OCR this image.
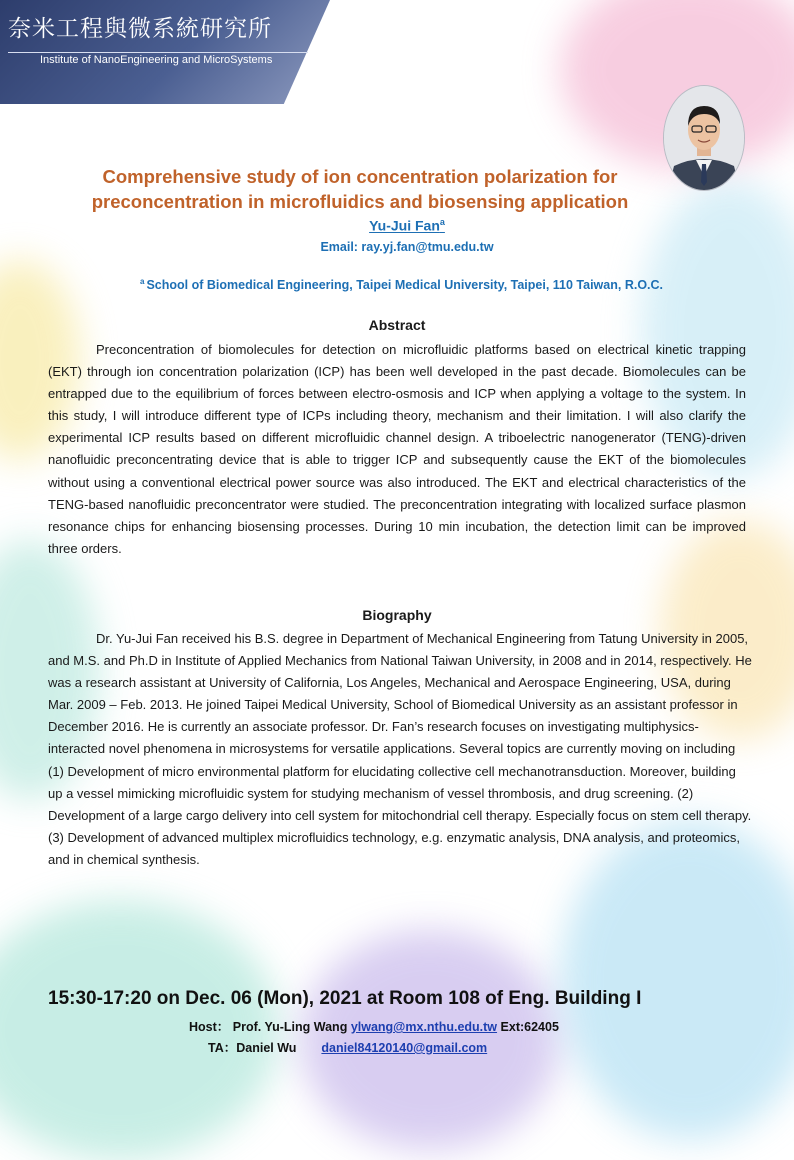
奈米工程與微系統研究所
Institute of NanoEngineering and MicroSystems
Comprehensive study of ion concentration polarization for
preconcentration in microfluidics and biosensing application
Yu-Jui Fan$^a$
Email: ray.yj.fan@tmu.edu.tw
$^a$ School of Biomedical Engineering, Taipei Medical University, Taipei, 110 Taiwan, R.O.C.
Abstract

Preconcentration of biomolecules for detection on microfluidic platforms based on electrical kinetic trapping (EKT) through ion concentration polarization (ICP) has been well developed in the past decade. Biomolecules can be entrapped due to the equilibrium of forces between electro-osmosis and ICP when applying a voltage to the system. In this study, I will introduce different type of ICPs including theory, mechanism and their limitation. I will also clarify the experimental ICP results based on different microfluidic channel design. A triboelectric nanogenerator (TENG)-driven nanofluidic preconcentrating device that is able to trigger ICP and subsequently cause the EKT of the biomolecules without using a conventional electrical power source was also introduced. The EKT and electrical characteristics of the TENG-based nanofluidic preconcentrator were studied. The preconcentration integrating with localized surface plasmon resonance chips for enhancing biosensing processes. During 10 min incubation, the detection limit can be improved three orders.

Biography

Dr. Yu-Jui Fan received his B.S. degree in Department of Mechanical Engineering from Tatung University in 2005, and M.S. and Ph.D in Institute of Applied Mechanics from National Taiwan University, in 2008 and in 2014, respectively. He was a research assistant at University of California, Los Angeles, Mechanical and Aerospace Engineering, USA, during Mar. 2009 – Feb. 2013. He joined Taipei Medical University, School of Biomedical University as an assistant professor in December 2016. He is currently an associate professor. Dr. Fan’s research focuses on investigating multiphysics-interacted novel phenomena in microsystems for versatile applications. Several topics are currently moving on including (1) Development of micro environmental platform for elucidating collective cell mechanotransduction. Moreover, building up a vessel mimicking microfluidic system for studying mechanism of vessel thrombosis, and drug screening. (2) Development of a large cargo delivery into cell system for mitochondrial cell therapy. Especially focus on stem cell therapy. (3) Development of advanced multiplex microfluidics technology, e.g. enzymatic analysis, DNA analysis, and proteomics, and in chemical synthesis.

15:30-17:20 on Dec. 06 (Mon), 2021 at Room 108 of Eng. Building I
Host： Prof. Yu-Ling Wang ylwang@mx.nthu.edu.tw Ext:62405
TA：Daniel Wu daniel84120140@gmail.com
